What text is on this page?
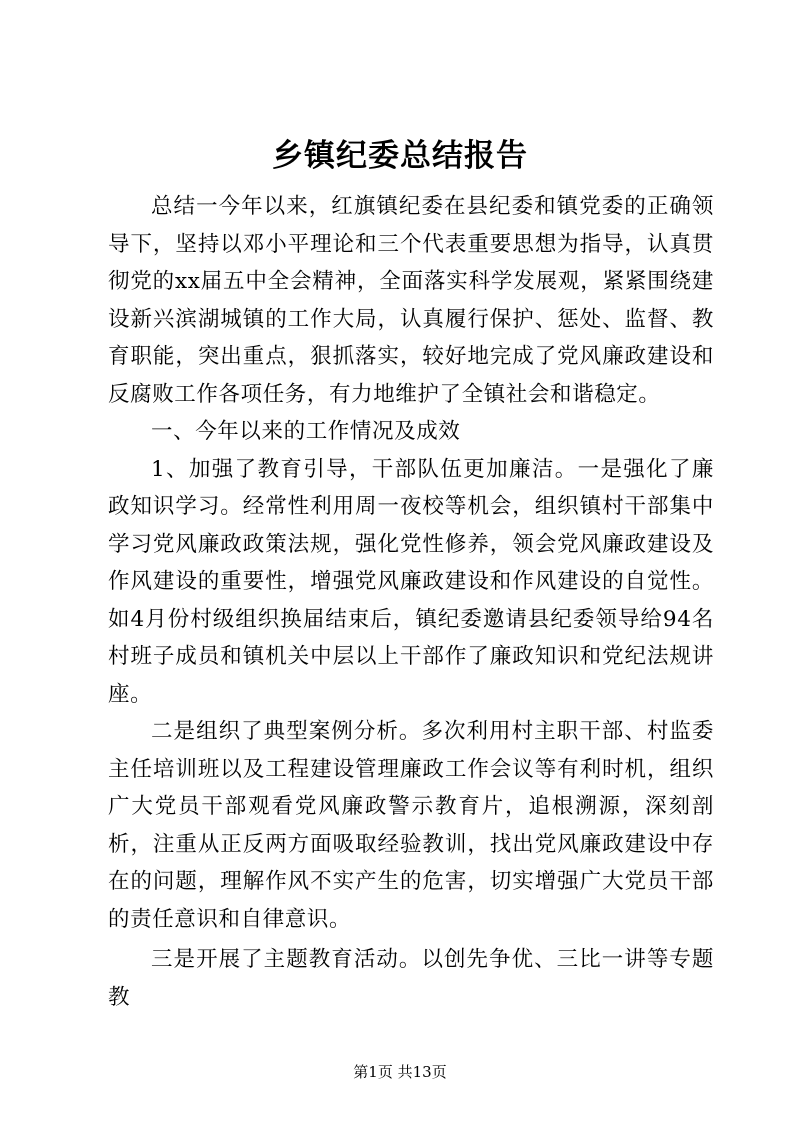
乡镇纪委总结报告

总结一今年以来，红旗镇纪委在县纪委和镇党委的正确领导下，坚持以邓小平理论和三个代表重要思想为指导，认真贯彻党的xx届五中全会精神，全面落实科学发展观，紧紧围绕建设新兴滨湖城镇的工作大局，认真履行保护、惩处、监督、教育职能，突出重点，狠抓落实，较好地完成了党风廉政建设和反腐败工作各项任务，有力地维护了全镇社会和谐稳定。

一、今年以来的工作情况及成效

1、加强了教育引导，干部队伍更加廉洁。一是强化了廉政知识学习。经常性利用周一夜校等机会，组织镇村干部集中学习党风廉政政策法规，强化党性修养，领会党风廉政建设及作风建设的重要性，增强党风廉政建设和作风建设的自觉性。如4月份村级组织换届结束后，镇纪委邀请县纪委领导给94名村班子成员和镇机关中层以上干部作了廉政知识和党纪法规讲座。

二是组织了典型案例分析。多次利用村主职干部、村监委主任培训班以及工程建设管理廉政工作会议等有利时机，组织广大党员干部观看党风廉政警示教育片，追根溯源，深刻剖析，注重从正反两方面吸取经验教训，找出党风廉政建设中存在的问题，理解作风不实产生的危害，切实增强广大党员干部的责任意识和自律意识。

三是开展了主题教育活动。以创先争优、三比一讲等专题教

第1页 共13页
